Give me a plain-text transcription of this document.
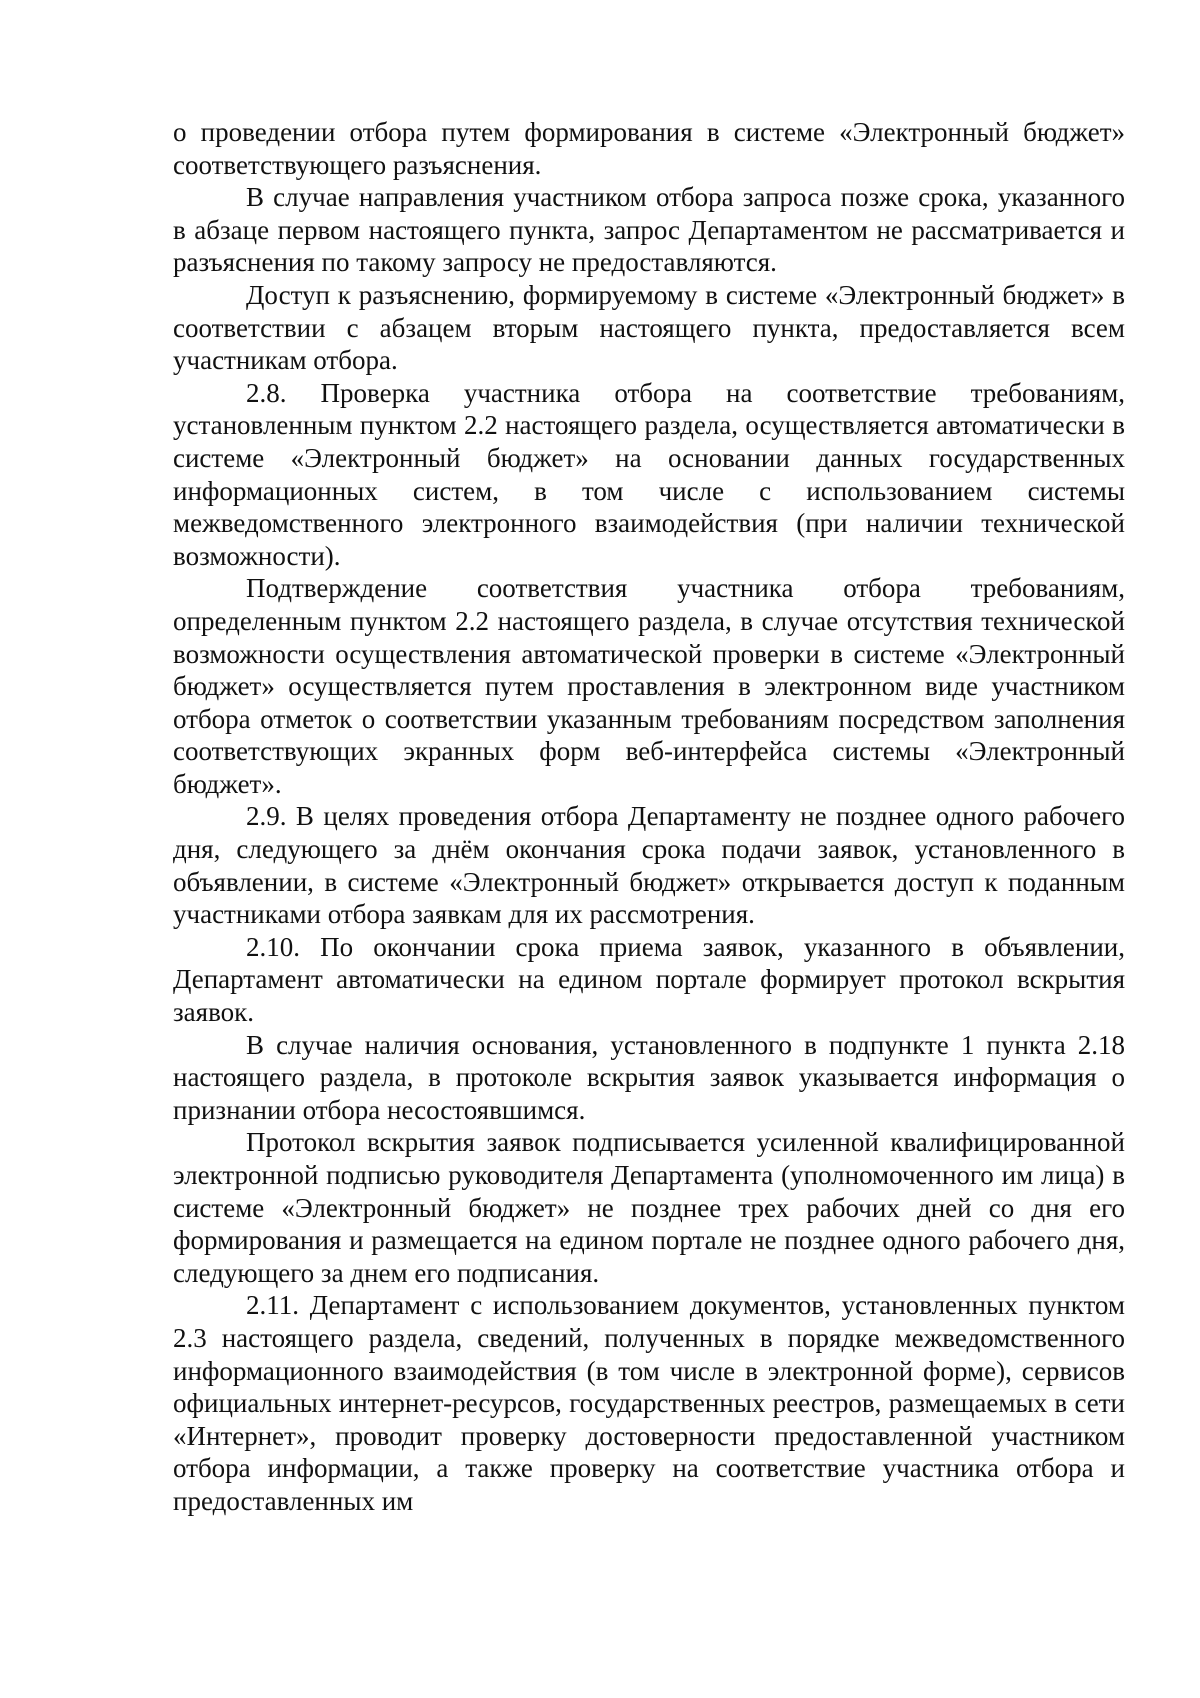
о проведении отбора путем формирования в системе «Электронный бюджет» соответствующего разъяснения.

В случае направления участником отбора запроса позже срока, указанного в абзаце первом настоящего пункта, запрос Департаментом не рассматривается и разъяснения по такому запросу не предоставляются.

Доступ к разъяснению, формируемому в системе «Электронный бюджет» в соответствии с абзацем вторым настоящего пункта, предоставляется всем участникам отбора.

2.8. Проверка участника отбора на соответствие требованиям, установленным пунктом 2.2 настоящего раздела, осуществляется автоматически в системе «Электронный бюджет» на основании данных государственных информационных систем, в том числе с использованием системы межведомственного электронного взаимодействия (при наличии технической возможности).

Подтверждение соответствия участника отбора требованиям, определенным пунктом 2.2 настоящего раздела, в случае отсутствия технической возможности осуществления автоматической проверки в системе «Электронный бюджет» осуществляется путем проставления в электронном виде участником отбора отметок о соответствии указанным требованиям посредством заполнения соответствующих экранных форм веб-интерфейса системы «Электронный бюджет».

2.9. В целях проведения отбора Департаменту не позднее одного рабочего дня, следующего за днём окончания срока подачи заявок, установленного в объявлении, в системе «Электронный бюджет» открывается доступ к поданным участниками отбора заявкам для их рассмотрения.

2.10. По окончании срока приема заявок, указанного в объявлении, Департамент автоматически на едином портале формирует протокол вскрытия заявок.

В случае наличия основания, установленного в подпункте 1 пункта 2.18 настоящего раздела, в протоколе вскрытия заявок указывается информация о признании отбора несостоявшимся.

Протокол вскрытия заявок подписывается усиленной квалифицированной электронной подписью руководителя Департамента (уполномоченного им лица) в системе «Электронный бюджет» не позднее трех рабочих дней со дня его формирования и размещается на едином портале не позднее одного рабочего дня, следующего за днем его подписания.

2.11. Департамент с использованием документов, установленных пунктом 2.3 настоящего раздела, сведений, полученных в порядке межведомственного информационного взаимодействия (в том числе в электронной форме), сервисов официальных интернет-ресурсов, государственных реестров, размещаемых в сети «Интернет», проводит проверку достоверности предоставленной участником отбора информации, а также проверку на соответствие участника отбора и предоставленных им
